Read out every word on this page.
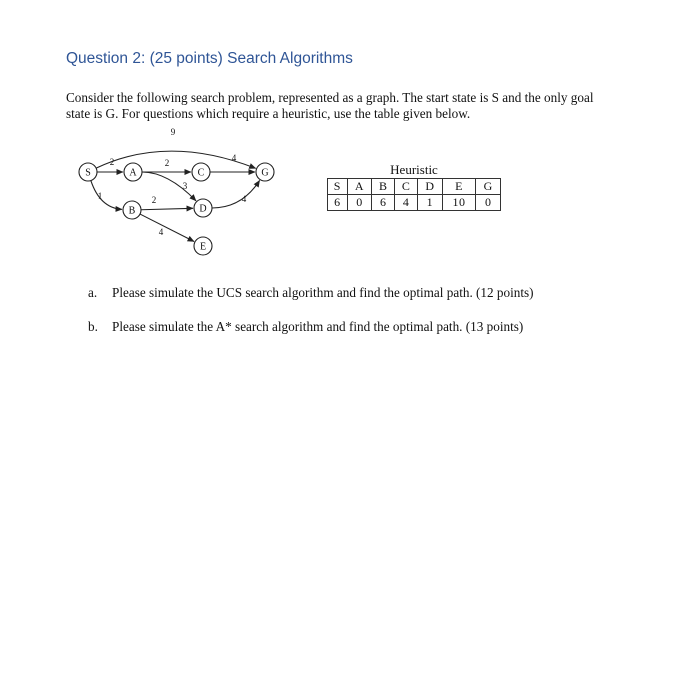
Question 2: (25 points) Search Algorithms

Consider the following search problem, represented as a graph. The start state is S and the only goal
state is G. For questions which require a heuristic, use the table given below.

2
9
1
2
3
2
4
4
4
S	A
B
C
D
E
G	Heuristic
S	A	B	C	D	E	G
6	0	6	4	1	10	0
a. Please simulate the UCS search algorithm and find the optimal path. (12 points)
b. Please simulate the A* search algorithm and find the optimal path. (13 points)
